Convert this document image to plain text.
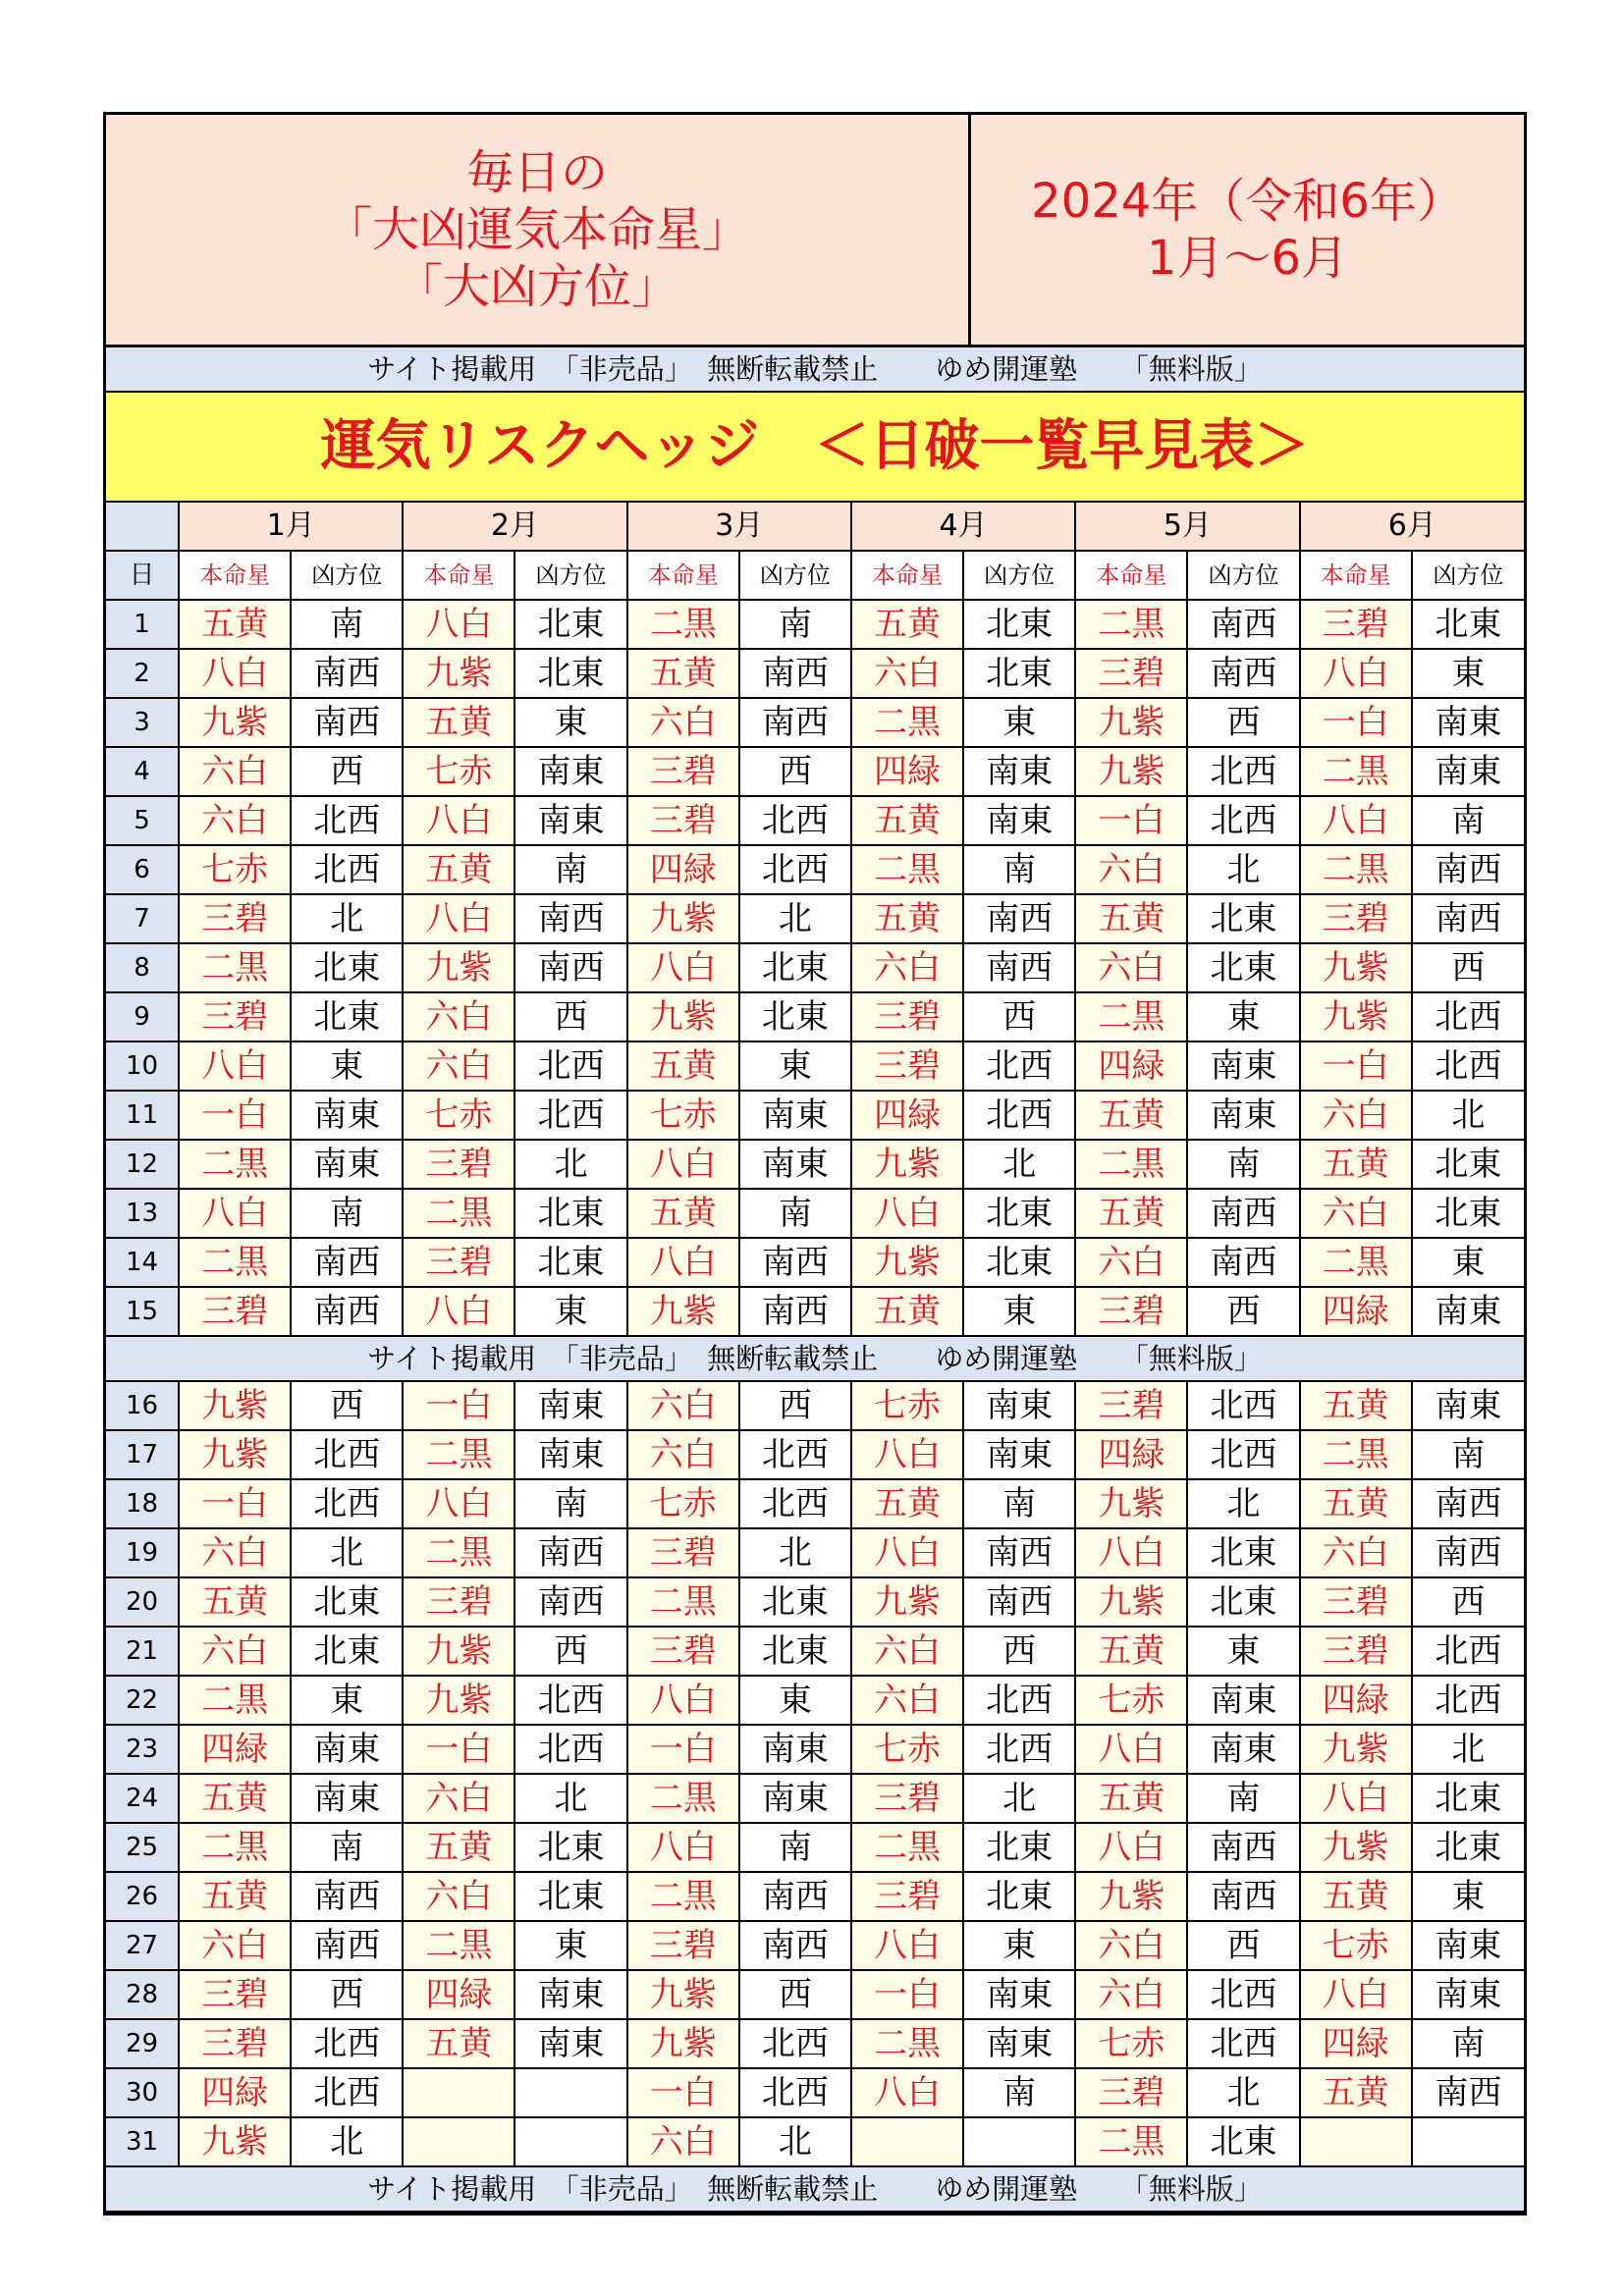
毎日の
「大凶運気本命星」
「大凶方位」
2024年（令和6年）
1月～6月
サイト掲載用　「非売品」　無断転載禁止　　ゆめ開運塾　　「無料版」
運気リスクヘッジ　＜日破一覧早見表＞
	1月		2月		3月		4月		5月		6月	
日	本命星	凶方位	本命星	凶方位	本命星	凶方位	本命星	凶方位	本命星	凶方位	本命星	凶方位
1	五黄	南	八白	北東	二黒	南	五黄	北東	二黒	南西	三碧	北東
2	八白	南西	九紫	北東	五黄	南西	六白	北東	三碧	南西	八白	東
3	九紫	南西	五黄	東	六白	南西	二黒	東	九紫	西	一白	南東
4	六白	西	七赤	南東	三碧	西	四緑	南東	九紫	北西	二黒	南東
5	六白	北西	八白	南東	三碧	北西	五黄	南東	一白	北西	八白	南
6	七赤	北西	五黄	南	四緑	北西	二黒	南	六白	北	二黒	南西
7	三碧	北	八白	南西	九紫	北	五黄	南西	五黄	北東	三碧	南西
8	二黒	北東	九紫	南西	八白	北東	六白	南西	六白	北東	九紫	西
9	三碧	北東	六白	西	九紫	北東	三碧	西	二黒	東	九紫	北西
10	八白	東	六白	北西	五黄	東	三碧	北西	四緑	南東	一白	北西
11	一白	南東	七赤	北西	七赤	南東	四緑	北西	五黄	南東	六白	北
12	二黒	南東	三碧	北	八白	南東	九紫	北	二黒	南	五黄	北東
13	八白	南	二黒	北東	五黄	南	八白	北東	五黄	南西	六白	北東
14	二黒	南西	三碧	北東	八白	南西	九紫	北東	六白	南西	二黒	東
15	三碧	南西	八白	東	九紫	南西	五黄	東	三碧	西	四緑	南東
サイト掲載用　「非売品」　無断転載禁止　　ゆめ開運塾　　「無料版」												
16	九紫	西	一白	南東	六白	西	七赤	南東	三碧	北西	五黄	南東
17	九紫	北西	二黒	南東	六白	北西	八白	南東	四緑	北西	二黒	南
18	一白	北西	八白	南	七赤	北西	五黄	南	九紫	北	五黄	南西
19	六白	北	二黒	南西	三碧	北	八白	南西	八白	北東	六白	南西
20	五黄	北東	三碧	南西	二黒	北東	九紫	南西	九紫	北東	三碧	西
21	六白	北東	九紫	西	三碧	北東	六白	西	五黄	東	三碧	北西
22	二黒	東	九紫	北西	八白	東	六白	北西	七赤	南東	四緑	北西
23	四緑	南東	一白	北西	一白	南東	七赤	北西	八白	南東	九紫	北
24	五黄	南東	六白	北	二黒	南東	三碧	北	五黄	南	八白	北東
25	二黒	南	五黄	北東	八白	南	二黒	北東	八白	南西	九紫	北東
26	五黄	南西	六白	北東	二黒	南西	三碧	北東	九紫	南西	五黄	東
27	六白	南西	二黒	東	三碧	南西	八白	東	六白	西	七赤	南東
28	三碧	西	四緑	南東	九紫	西	一白	南東	六白	北西	八白	南東
29	三碧	北西	五黄	南東	九紫	北西	二黒	南東	七赤	北西	四緑	南
30	四緑	北西			一白	北西	八白	南	三碧	北	五黄	南西
31	九紫	北			六白	北			二黒	北東		
サイト掲載用　「非売品」　無断転載禁止　　ゆめ開運塾　　「無料版」												
